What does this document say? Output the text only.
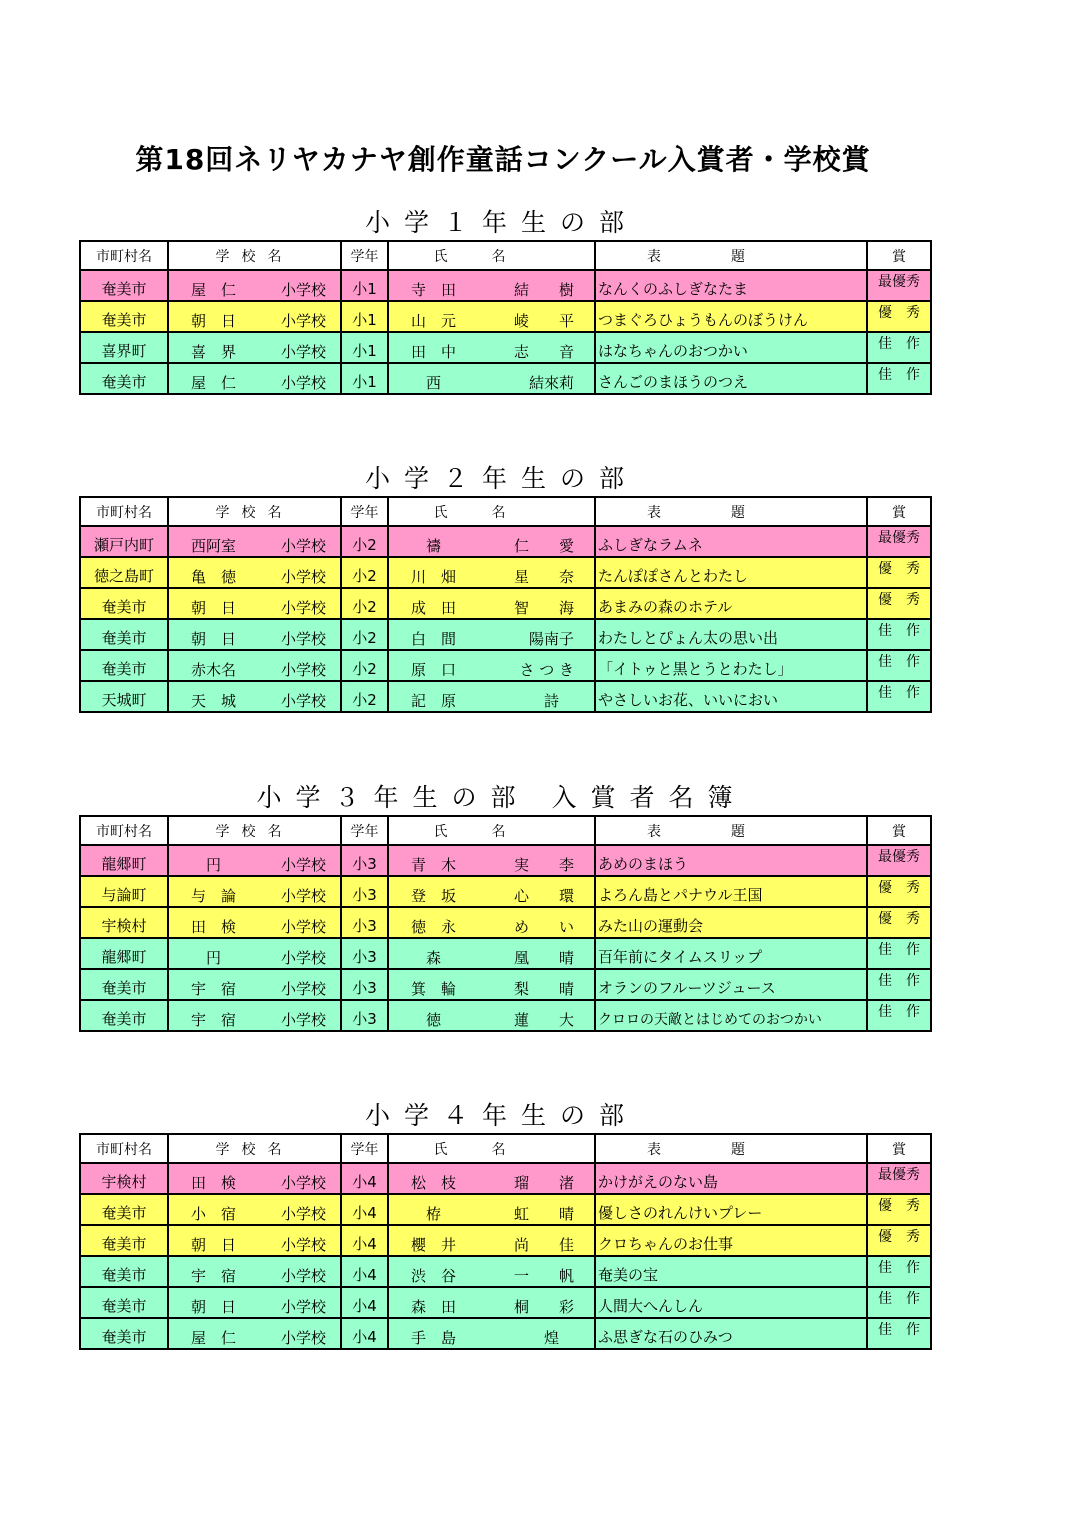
第18回ネリヤカナヤ創作童話コンクール入賞者・学校賞
小学１年生の部
市町村名	学校名	学年	氏名	表題	賞
奄美市	屋　仁 小学校	小1	寺　田 結　　樹	なんくのふしぎなたま	最優秀
奄美市	朝　日 小学校	小1	山　元 崚　　平	つまぐろひょうもんのぼうけん	優　秀
喜界町	喜　界 小学校	小1	田　中 志　　音	はなちゃんのおつかい	佳　作
奄美市	屋　仁 小学校	小1	　西 結來莉	さんごのまほうのつえ	佳　作
小学２年生の部
市町村名	学校名	学年	氏名	表題	賞
瀬戸内町	西阿室 小学校	小2	　禱 仁　　愛	ふしぎなラムネ	最優秀
徳之島町	亀　徳 小学校	小2	川　畑 星　　奈	たんぽぽさんとわたし	優　秀
奄美市	朝　日 小学校	小2	成　田 智　　海	あまみの森のホテル	優　秀
奄美市	朝　日 小学校	小2	白　間 陽南子	わたしとぴょん太の思い出	佳　作
奄美市	赤木名 小学校	小2	原　口 さ つ き	「イトゥと黒とうとわたし」	佳　作
天城町	天　城 小学校	小2	記　原 詩　	やさしいお花、いいにおい	佳　作
小学３年生の部 入賞者名簿
市町村名	学校名	学年	氏名	表題	賞
龍郷町	　円 小学校	小3	青　木 実　　李	あめのまほう	最優秀
与論町	与　論 小学校	小3	登　坂 心　　環	よろん島とパナウル王国	優　秀
宇検村	田　検 小学校	小3	徳　永 め　　い	みた山の運動会	優　秀
龍郷町	　円 小学校	小3	　森 凰　　晴	百年前にタイムスリップ	佳　作
奄美市	宇　宿 小学校	小3	箕　輪 梨　　晴	オランのフルーツジュース	佳　作
奄美市	宇　宿 小学校	小3	　徳 蓮　　大	クロロの天敵とはじめてのおつかい	佳　作
小学４年生の部
市町村名	学校名	学年	氏名	表題	賞
宇検村	田　検 小学校	小4	松　枝 瑠　　渚	かけがえのない島	最優秀
奄美市	小　宿 小学校	小4	　栫 虹　　晴	優しさのれんけいプレー	優　秀
奄美市	朝　日 小学校	小4	櫻　井 尚　　佳	クロちゃんのお仕事	優　秀
奄美市	宇　宿 小学校	小4	渋　谷 一　　帆	奄美の宝	佳　作
奄美市	朝　日 小学校	小4	森　田 桐　　彩	人間大へんしん	佳　作
奄美市	屋　仁 小学校	小4	手　島 煌　	ふ思ぎな石のひみつ	佳　作
